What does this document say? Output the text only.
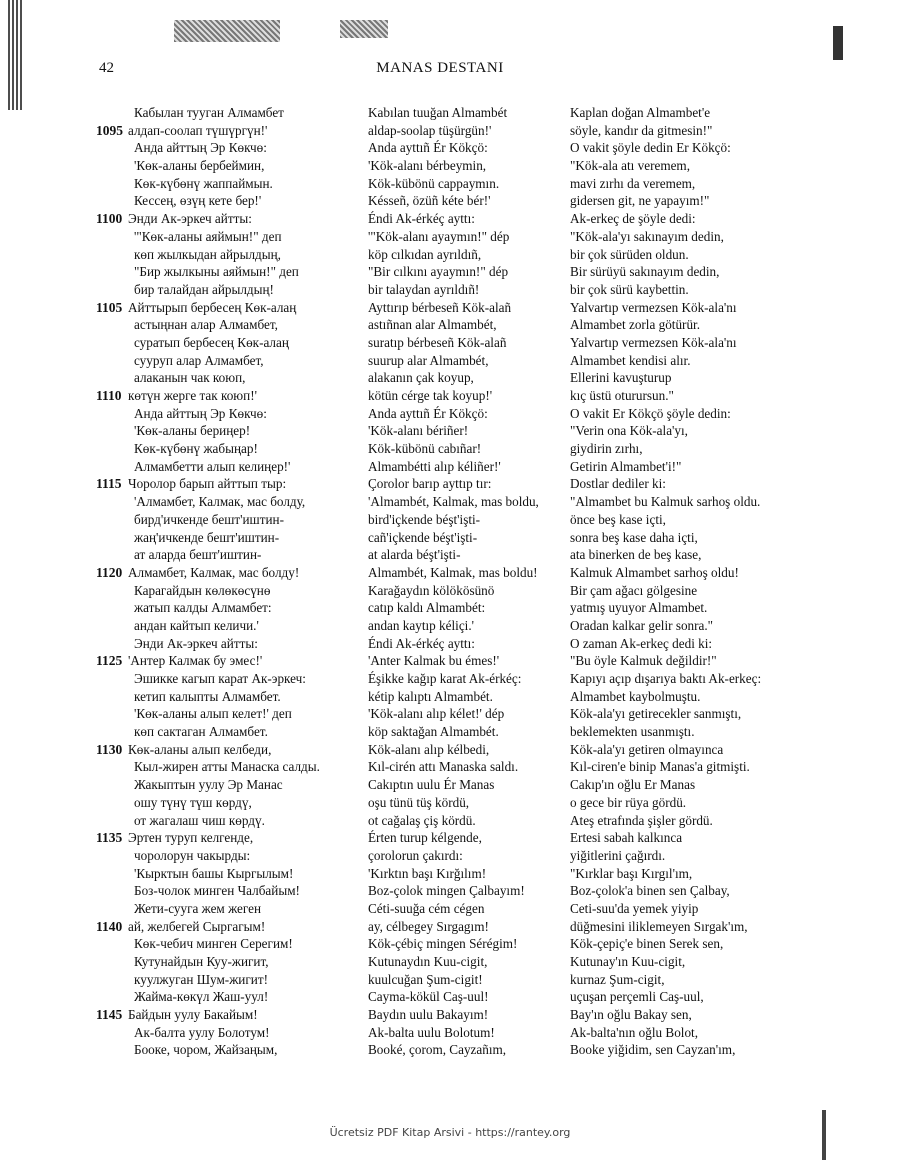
42	MANAS DESTANI
Кабылан тууган Алмамбет
1095 алдап-соолап түшүргүн!'
Анда айттың Эр Көкчө:
'Көк-аланы бербеймин,
Көк-күбөнү жаппаймын.
Кессең, өзүң кете бер!'
1100 Энди Ак-эркеч айтты:
'"Көк-аланы аяймын!" деп
көп жылкыдан айрылдың,
"Бир жылкыны аяймын!" деп
бир талайдан айрылдың!
1105 Айттырып бербесең Көк-алаң
астыңнан алар Алмамбет,
суратып бербесең Көк-алаң
сууруп алар Алмамбет,
алаканын чак коюп,
1110 көтүн жерге так коюп!'
Анда айттың Эр Көкчө:
'Көк-аланы бериңер!
Көк-күбөнү жабыңар!
Алмамбетти алып келиңер!'
1115 Чоролор барып айттып тыр:
'Алмамбет, Калмак, мас болду,
бирд'ичкенде бешт'иштин-
жаң'ичкенде бешт'иштин-
ат аларда бешт'иштин-
1120 Алмамбет, Калмак, мас болду!
Карагайдын көлөкөсүнө
жатып калды Алмамбет:
андан кайтып келичи.'
Энди Ак-эркеч айтты:
1125 'Антер Калмак бу эмес!'
Эшикке кагып карат Ак-эркеч:
кетип калыпты Алмамбет.
'Көк-аланы алып келет!' деп
көп сактаган Алмамбет.
1130 Көк-аланы алып келбеди,
Кыл-жирен атты Манаска салды.
Жакыптын уулу Эр Манас
ошу түнү түш көрдү,
от жагалаш чиш көрдү.
1135 Эртен туруп келгенде,
чоролорун чакырды:
'Кырктын башы Кыргылым!
Боз-чолок минген Чалбайым!
Жети-сууга жем жеген
1140 ай, желбегей Сыргагым!
Көк-чебич минген Серегим!
Кутунайдын Куу-жигит,
куулжуган Шум-жигит!
Жайма-көкүл Жаш-уул!
1145 Байдын уулу Бакайым!
Ак-балта уулу Болотум!
Бооке, чором, Жайзаңым,
Kabılan tuuğan Almambét
aldap-soolap tüşürgün!'
Anda ayttıñ Ér Kökçö:
'Kök-alanı bérbeymin,
Kök-kübönü cappaymın.
Késseñ, özüñ kéte bér!'
Éndi Ak-érkéç ayttı:
'"Kök-alanı ayaymın!" dép
köp cılkıdan ayrıldıñ,
"Bir cılkını ayaymın!" dép
bir talaydan ayrıldıñ!
Ayttırıp bérbeseñ Kök-alañ
astıñnan alar Almambét,
suratıp bérbeseñ Kök-alañ
suurup alar Almambét,
alakanın çak koyup,
kötün cérge tak koyup!'
Anda ayttıñ Ér Kökçö:
'Kök-alanı bériñer!
Kök-kübönü cabıñar!
Almambétti alıp kéliñer!'
Çorolor barıp ayttıp tır:
'Almambét, Kalmak, mas boldu,
bird'içkende béşt'işti-
cañ'içkende béşt'işti-
at alarda béşt'işti-
Almambét, Kalmak, mas boldu!
Karağaydın kölökösünö
catıp kaldı Almambét:
andan kaytıp kéliçi.'
Éndi Ak-érkéç ayttı:
'Anter Kalmak bu émes!'
Éşikke kağıp karat Ak-érkéç:
kétip kalıptı Almambét.
'Kök-alanı alıp kélet!' dép
köp saktağan Almambét.
Kök-alanı alıp kélbedi,
Kıl-cirén attı Manaska saldı.
Cakıptın uulu Ér Manas
oşu tünü tüş kördü,
ot cağalaş çiş kördü.
Érten turup kélgende,
çorolorun çakırdı:
'Kırktın başı Kırğılım!
Boz-çolok mingen Çalbayım!
Céti-suuğa cém cégen
ay, célbegey Sırgagım!
Kök-çébiç mingen Sérégim!
Kutunaydın Kuu-cigit,
kuulcuğan Şum-cigit!
Cayma-kökül Caş-uul!
Baydın uulu Bakayım!
Ak-balta uulu Bolotum!
Booké, çorom, Cayzañım,
Kaplan doğan Almambet'e
söyle, kandır da gitmesin!"
O vakit şöyle dedin Er Kökçö:
"Kök-ala atı veremem,
mavi zırhı da veremem,
gidersen git, ne yapayım!"
Ak-erkeç de şöyle dedi:
"Kök-ala'yı sakınayım dedin,
bir çok sürüden oldun.
Bir sürüyü sakınayım dedin,
bir çok sürü kaybettin.
Yalvartıp vermezsen Kök-ala'nı
Almambet zorla götürür.
Yalvartıp vermezsen Kök-ala'nı
Almambet kendisi alır.
Ellerini kavuşturup
kıç üstü oturursun."
O vakit Er Kökçö şöyle dedin:
"Verin ona Kök-ala'yı,
giydirin zırhı,
Getirin Almambet'i!"
Dostlar dediler ki:
"Almambet bu Kalmuk sarhoş oldu.
önce beş kase içti,
sonra beş kase daha içti,
ata binerken de beş kase,
Kalmuk Almambet sarhoş oldu!
Bir çam ağacı gölgesine
yatmış uyuyor Almambet.
Oradan kalkar gelir sonra."
O zaman Ak-erkeç dedi ki:
"Bu öyle Kalmuk değildir!"
Kapıyı açıp dışarıya baktı Ak-erkeç:
Almambet kaybolmuştu.
Kök-ala'yı getirecekler sanmıştı,
beklemekten usanmıştı.
Kök-ala'yı getiren olmayınca
Kıl-ciren'e binip Manas'a gitmişti.
Cakıp'ın oğlu Er Manas
o gece bir rüya gördü.
Ateş etrafında şişler gördü.
Ertesi sabah kalkınca
yiğitlerini çağırdı.
"Kırklar başı Kırgıl'ım,
Boz-çolok'a binen sen Çalbay,
Ceti-suu'da yemek yiyip
düğmesini iliklemeyen Sırgak'ım,
Kök-çepiç'e binen Serek sen,
Kutunay'ın Kuu-cigit,
kurnaz Şum-cigit,
uçuşan perçemli Caş-uul,
Bay'ın oğlu Bakay sen,
Ak-balta'nın oğlu Bolot,
Booke yiğidim, sen Cayzan'ım,
Ücretsiz PDF Kitap Arsivi - https://rantey.org
